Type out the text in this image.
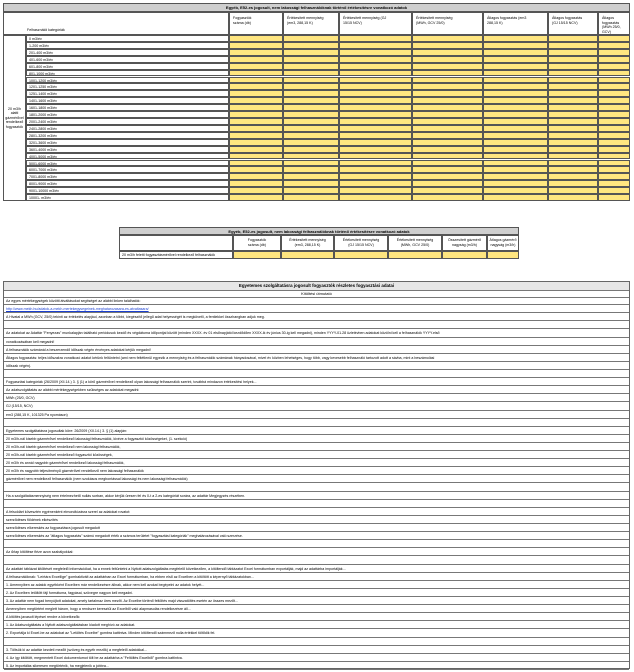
Egyéb, E52-es jogosult, nem lakossági felhasználóknak történő értékesítésre vonatkozó adatok
Felhasználói kategóriák
Fogyasztók
száma (db)
Értékesített mennyiség
(em3, 288,15 K)
Értékesített mennyiség (GJ
15/15 NCV)
Értékesített mennyiség
(MWh, GCV 25/0)
Átlagos fogyasztás (em3
288,15 K)
Átlagos fogyasztás
(GJ 15/15 NCV)
Átlagos fogyasztás
(MWh 25/0, GCV)
20 m3/h alatti
gázmérővel
rendelkező
fogyasztók
0 m3/év
1-200 m3/év
201-400 m3/év
401-600 m3/év
601-800 m3/év
801-1000 m3/év
1001-1200 m3/év
1201-1250 m3/év
1251-1400 m3/év
1401-1600 m3/év
1601-1800 m3/év
1801-2000 m3/év
2001-2400 m3/év
2401-2800 m3/év
2801-3200 m3/év
3201-3600 m3/év
3601-4000 m3/év
4001-5000 m3/év
5001-6000 m3/év
6001-7000 m3/év
7001-8000 m3/év
8001-9000 m3/év
9001-10000 m3/év
10001- m3/év
Egyéb, E52-es jogosult, nem lakossági felhasználóknak történő értékesítésre vonatkozó adatok
Fogyasztók
száma (db)
Értékesített mennyiség
(em3, 288,15 K)
Értékesített mennyiség
(GJ 15/15 NCV)
Értékesített mennyiség
(MWh, GCV 25/0)
Összesített gázmérő
nagyság (m3/h)
Átlagos gázmérő
nagyság (m3/h)
20 m3/h feletti fogyasztásmérővel rendelkező felhasználók
Egyetemes szolgáltatásra jogosult fogyasztók részletes fogyasztási adatai
Kitöltési útmutató
Az egyes mértékegységek közötti átváltásokat segítséget az alábbi linken találhatók:
http://www.mekh.hu/adatok-a-mekh-mertekegysegeinek-meghatarozasara-es-atvaltasara/
A Hivatal a MWh (GCV, 25/0) tekinti az értékelés alapjául, azonban a többi, kiegészítő jellegű adat helyességét is megkövetli, a fentiekkel összhangban adjuk meg.
Az adatokat az Adattár "Fenyezas" munkalapján található periódusok kezdő és végdátuma időpontjai között (minden XXXX. év 01 elsőnapjától kezdődően XXXX-ik év június 30-ig kell megadni), minden YYYY-01.28 üzletévben adatokat közölni kell a felhasználók YYYY.első
vonatkozásában kell megadni!
A felhasználók számánál a beszerzendő időszak végén érvényes adatokat kérjük megadni!
Átlagos fogyasztás: teljes időszakra vonatkozó adatot kérünk feltüntetni (ami nem feltétlenül egyezik a mennyiség és a felhasználók számának hányadosával, mivel év közben lehetséges, hogy több, vagy kevesebb felhasználó tartozott adott a sávba, mint a beszámolási
időszak végén).
Fogyasztási kategóriák (26/2009 (XII.14.) 3. § (1) a körű gázmérővel rendelkező olyan lakossági felhasználók szerint, továbbá mindazon értékesítési helyek...
Az adatszolgáltatás az alábbi mértékegységekben szükséges az adatokat megadni:
MWh (25/0, GCV)
GJ (15/15, NCV)
em3 (288,15 K, 101325 Pa nyomáson)
Egyetemes szolgáltatásra jogosultak köre: 26/2009 (XII.14.) 3. § (1) alapján:
20 m3/h-nál kisebb gázmérővel rendelkező lakossági felhasználók, kivéve a fogyasztói közösségeket, (1. szekció)
20 m3/h-nál kisebb gázmérővel rendelkező nem lakossági felhasználók,
20 m3/h-nál kisebb gázmérővel rendelkező fogyasztói közösségek,
20 m3/h és annál nagyobb gázmérővel rendelkező lakossági felhasználók,
20 m3/h és nagyobb teljesítményű gázmérővel rendelkező nem lakossági felhasználók
gázmérővel nem rendelkező felhasználók (nem szokásos megbontással lakossági és nem lakossági felhasználók)
Ha a szolgáltatásmennyiség nem értelmezhető nullás sorban, akkor kérjük üresen fel és 0-t a 2-es kategóriát sorára, az adattár Megjegyzés részében.
A felsoldárt kövesztén egyénenként elmondtózásra szerel az adatokat rovatot:
szerződéses földének elkészítés
szerződéses elkereskés az fogyasztásra jogosult megadott
szerződéses elkereskés az "átlagos fogyasztás" számú megadott érték a számos területet "fogyasztási kategóriák" meghatározásával való szerzése.
Az űrlap kitöltése fiéze azon szabályokkal:
Az adattári táblázat kitöltését megfelelő információkat, ha a ennek feltüntetni a Nyitott adatszolgáltatás megfelelő következően, a kitöltendő táblázatot Excel formátumban exportálják, majd az adattárba importálják...
A felhasználóknak: "Leírtára Excellige" gombaktivált az adattárban az Excel formátumban, ha ebben első az Excelben a kitöltött a képernyő táblázatokban...
1. Amennyiben az adatok egyébként Excelben már rendelkezésre állnak, akkor nem kell azokat begépelni az adatok helyét...
2. Az Excelben letöltött fájl formátuma, fagyásai, szövegre nagyon kell megadni.
3. Az adattár nem fogad benyújtott adatokat, amely tartalmaz üres mezőt. Az Excelbe történő feltöltés majd visszatöltés esetén az összes mezőt...
Amennyiben megtörtént meglett három, hogy a rendszer keresztül az Excelből való alapmasolás rendelkezésre áll...
A kitöltés javasolt lépései rendre a következők:
1. Az Adatszolgáltatás a Nyitott adatszolgáltatásban kiadott meghívó az adatokat.
2. Exportálja ki Excel-be az adatokat az "Letöltés Excelbe" gombra kattintva. Minden kitöltendő számmező nulla értékkel töltődik fel.
3. Töltsük ki az adattár kezdeti mezőit (szöveg és egyéb mezők) a megfelelő adatokkal...
4. Az így kitöltött, megmentett Excel dokumentumot tölt be az adattárba a "Feltöltés Excelből" gombra kattintva.
5. Az importálás sikeresen megtörténik, ha megjelenik a jobbra...
